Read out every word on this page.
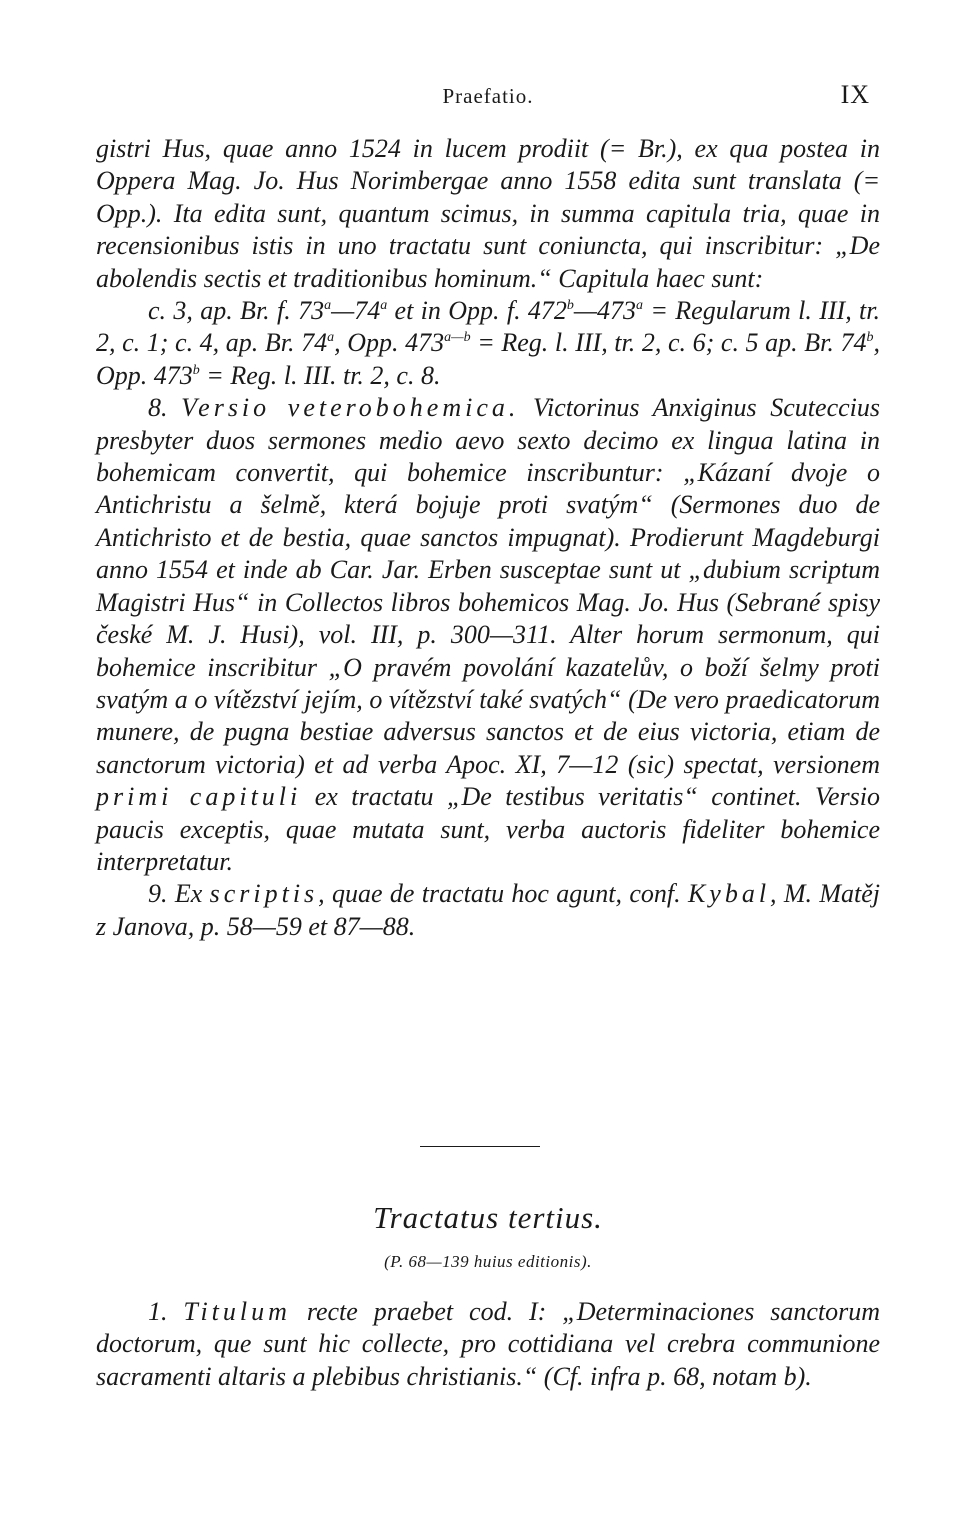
Praefatio.	IX

gistri Hus, quae anno 1524 in lucem prodiit (= Br.), ex qua postea in Oppera Mag. Jo. Hus Norimbergae anno 1558 edita sunt translata (= Opp.). Ita edita sunt, quantum scimus, in summa capitula tria, quae in recensionibus istis in uno tractatu sunt coniuncta, qui inscribitur: „De abolendis sectis et traditionibus hominum.“ Capitula haec sunt:

c. 3, ap. Br. f. 73$^a$—74$^a$ et in Opp. f. $472^b—473^a$ = Regularum l. III, tr. 2, c. 1; c. 4, ap. Br. 74$^a$, Opp. $473^{a—b}$ = Reg. l. III, tr. 2, c. 6; c. 5 ap. Br. 74$^b$, Opp. $473^b$ = Reg. l. III. tr. 2, c. 8.

8. Versio veterobohemica. Victorinus Anxiginus Scuteccius presbyter duos sermones medio aevo sexto decimo ex lingua latina in bohemicam convertit, qui bohemice inscribuntur: „Kázaní dvoje o Antichristu a šelmě, která bojuje proti svatým“ (Sermones duo de Antichristo et de bestia, quae sanctos impugnat). Prodierunt Magdeburgi anno 1554 et inde ab Car. Jar. Erben susceptae sunt ut „dubium scriptum Magistri Hus“ in Collectos libros bohemicos Mag. Jo. Hus (Sebrané spisy české M. J. Husi), vol. III, p. 300—311. Alter horum sermonum, qui bohemice inscribitur „O pravém povolání kazatelův, o boží šelmy proti svatým a o vítězství jejím, o vítězství také svatých“ (De vero praedicatorum munere, de pugna bestiae adversus sanctos et de eius victoria, etiam de sanctorum victoria) et ad verba Apoc. XI, 7—12 (sic) spectat, versionem primi capituli ex tractatu „De testibus veritatis“ continet. Versio paucis exceptis, quae mutata sunt, verba auctoris fideliter bohemice interpretatur.

9. Ex scriptis, quae de tractatu hoc agunt, conf. Kybal, M. Matěj z Janova, p. 58—59 et 87—88.

Tractatus tertius.
(P. 68—139 huius editionis).

1. Titulum recte praebet cod. I: „Determinaciones sanctorum doctorum, que sunt hic collecte, pro cottidiana vel crebra communione sacramenti altaris a plebibus christianis.“ (Cf. infra p. 68, notam b).
